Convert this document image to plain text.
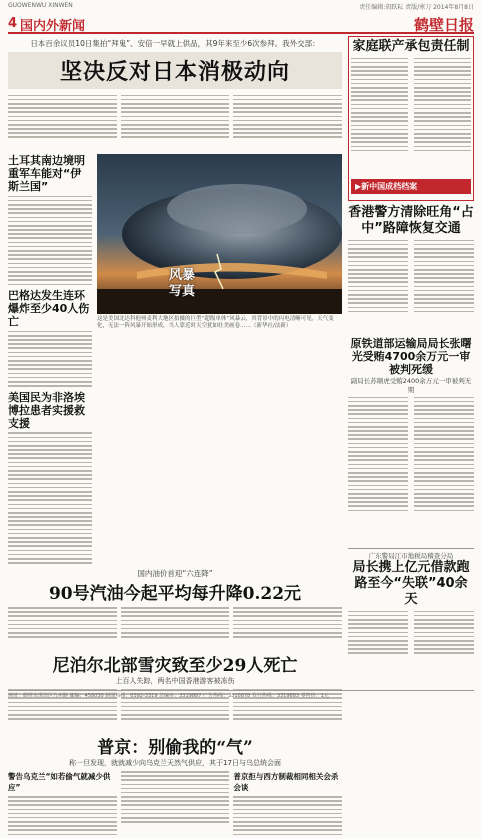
GUOWENWU XINWEN	责任编辑:胡跃耘 责版/寒刀 2014年8月8日
4 国内外新闻	鹤壁日报
日本百余议员10日集拍“拜鬼”、安倍一早就上供品，其9年来至少6次参拜。我外交部：
坚决反对日本消极动向
土耳其南边境明重军车能对“伊斯兰国”
巴格达发生连环爆炸至少40人伤亡
美国民为非洛埃博拉患者实援救支援
风暴
写真
这是美国北达科他州麦利大地区拍摄的巨型“超级单体”风暴云，其背景中的闪电清晰可见。天气变化，无法一阵风暴开始形成，当人靠近时天空犹如壮美画卷……（新华社/法新）
国内油价首迎“六连降”
90号汽油今起平均每升降0.22元
尼泊尔北部雪灾致至少29人死亡
上百人失踪，两名中国香港游客被冻伤
普京：别偷我的“气”
称一旦发现，就就减少向乌克兰天然气供应，其于17日与乌总统会面
警告乌克兰“如若偷气就减少供应”
普京拒与西方制裁相同相关会杀会谈
家庭联产承包责任制
▶新中国成档档案
香港警方清除旺角“占中”路障恢复交通
原铁道部运输局局长张曙光受贿4700余万元一审被判死缓
副局长苏顺虎受贿2400余万元一审被判无期
广东警局江市地税局稽查分局
局长携上亿元借款跑路至今“失联”40余天
地址：鹤壁市淇滨区九州路 邮编：458030 新闻热线：0392-3319 总编室：3319887 广告热线：3310878 发行热线：3319883 零售价：1元
